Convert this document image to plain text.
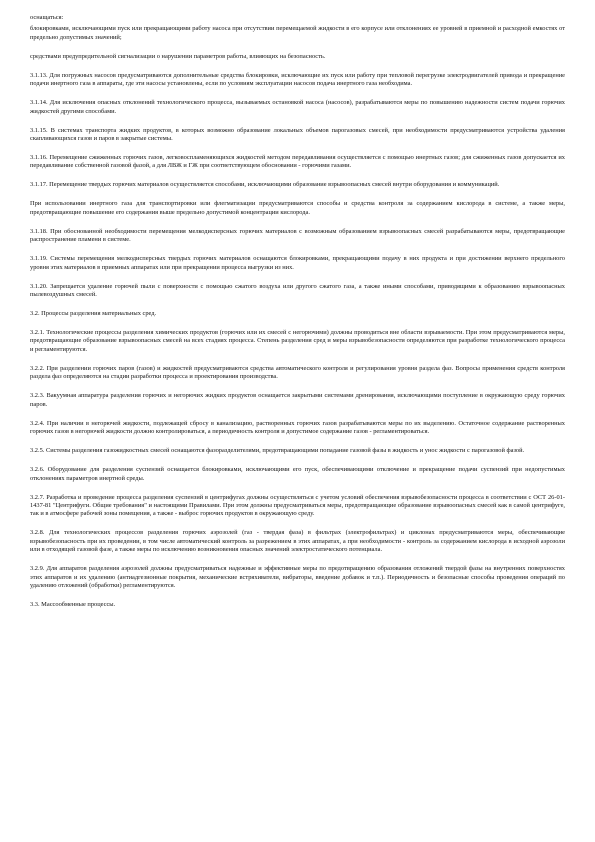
оснащаться:

блокировками, исключающими пуск или прекращающими работу насоса при отсутствии перемещаемой жидкости в его корпусе или отклонениях ее уровней в приемной и расходной емкостях от предельно допустимых значений;

средствами предупредительной сигнализации о нарушении параметров работы, влияющих на безопасность.

3.1.13. Для погружных насосов предусматриваются дополнительные средства блокировки, исключающие их пуск или работу при тепловой перегрузке электродвигателей привода и прекращение подачи инертного газа в аппараты, где эти насосы установлены, если по условиям эксплуатации насосов подача инертного газа необходима.

3.1.14. Для исключения опасных отклонений технологического процесса, вызываемых остановкой насоса (насосов), разрабатываются меры по повышению надежности систем подачи горючих жидкостей другими способами.

3.1.15. В системах транспорта жидких продуктов, в которых возможно образование локальных объемов парогазовых смесей, при необходимости предусматриваются устройства удаления скапливающихся газов и паров в закрытые системы.

3.1.16. Перемещение сжиженных горючих газов, легковоспламеняющихся жидкостей методом передавливания осуществляется с помощью инертных газов; для сжиженных газов допускается их передавливание собственной газовой фазой, а для ЛВЖ и ГЖ при соответствующем обосновании - горючими газами.

3.1.17. Перемещение твердых горючих материалов осуществляется способами, исключающими образование взрывоопасных смесей внутри оборудования и коммуникаций.

При использовании инертного газа для транспортировки или флегматизации предусматриваются способы и средства контроля за содержанием кислорода в системе, а также меры, предотвращающие повышение его содержания выше предельно допустимой концентрации кислорода.

3.1.18. При обоснованной необходимости перемещения мелкодисперсных горючих материалов с возможным образованием взрывоопасных смесей разрабатываются меры, предотвращающие распространение пламени в системе.

3.1.19. Системы перемещения мелкодисперсных твердых горючих материалов оснащаются блокировками, прекращающими подачу в них продукта и при достижении верхнего предельного уровня этих материалов в приемных аппаратах или при прекращении процесса выгрузки из них.

3.1.20. Запрещается удаление горючей пыли с поверхности с помощью сжатого воздуха или другого сжатого газа, а также иными способами, приводящими к образованию взрывоопасных пылевоздушных смесей.

3.2. Процессы разделения материальных сред.

3.2.1. Технологические процессы разделения химических продуктов (горючих или их смесей с негорючими) должны проводиться вне области взрываемости. При этом предусматриваются меры, предотвращающие образование взрывоопасных смесей на всех стадиях процесса. Степень разделения сред и меры взрывобезопасности определяются при разработке технологического процесса и регламентируются.

3.2.2. При разделении горючих паров (газов) и жидкостей предусматриваются средства автоматического контроля и регулирования уровня раздела фаз. Вопросы применения средств контроля раздела фаз определяются на стадии разработки процесса и проектирования производства.

3.2.3. Вакуумная аппаратура разделения горючих и негорючих жидких продуктов оснащается закрытыми системами дренирования, исключающими поступление в окружающую среду горючих паров.

3.2.4. При наличии в негорючей жидкости, подлежащей сбросу в канализацию, растворенных горючих газов разрабатываются меры по их выделению. Остаточное содержание растворенных горючих газов в негорючей жидкости должно контролироваться, а периодичность контроля и допустимое содержание газов - регламентироваться.

3.2.5. Системы разделения газожидкостных смесей оснащаются фазоразделителями, предотвращающими попадание газовой фазы в жидкость и унос жидкости с парогазовой фазой.

3.2.6. Оборудование для разделения суспензий оснащается блокировками, исключающими его пуск, обеспечивающими отключение и прекращение подачи суспензий при недопустимых отклонениях параметров инертной среды.

3.2.7. Разработка и проведение процесса разделения суспензий в центрифугах должны осуществляться с учетом условий обеспечения взрывобезопасности процесса в соответствии с ОСТ 26-01-1437-81 "Центрифуги. Общие требования" и настоящими Правилами. При этом должны предусматриваться меры, предотвращающие образование взрывоопасных смесей как в самой центрифуге, так и в атмосфере рабочей зоны помещения, а также - выброс горючих продуктов в окружающую среду.

3.2.8. Для технологических процессов разделения горючих аэрозолей (газ - твердая фаза) в фильтрах (электрофильтрах) и циклонах предусматриваются меры, обеспечивающие взрывобезопасность при их проведении, в том числе автоматический контроль за разрежением в этих аппаратах, а при необходимости - контроль за содержанием кислорода в исходной аэрозоли или в отходящей газовой фазе, а также меры по исключению возникновения опасных значений электростатического потенциала.

3.2.9. Для аппаратов разделения аэрозолей должны предусматриваться надежные и эффективные меры по предотвращению образования отложений твердой фазы на внутренних поверхностях этих аппаратов и их удалению (антиадгезионные покрытия, механические встряхиватели, вибраторы, введение добавок и т.п.). Периодичность и безопасные способы проведения операций по удалению отложений (обработки) регламентируются.

3.3. Массообменные процессы.
